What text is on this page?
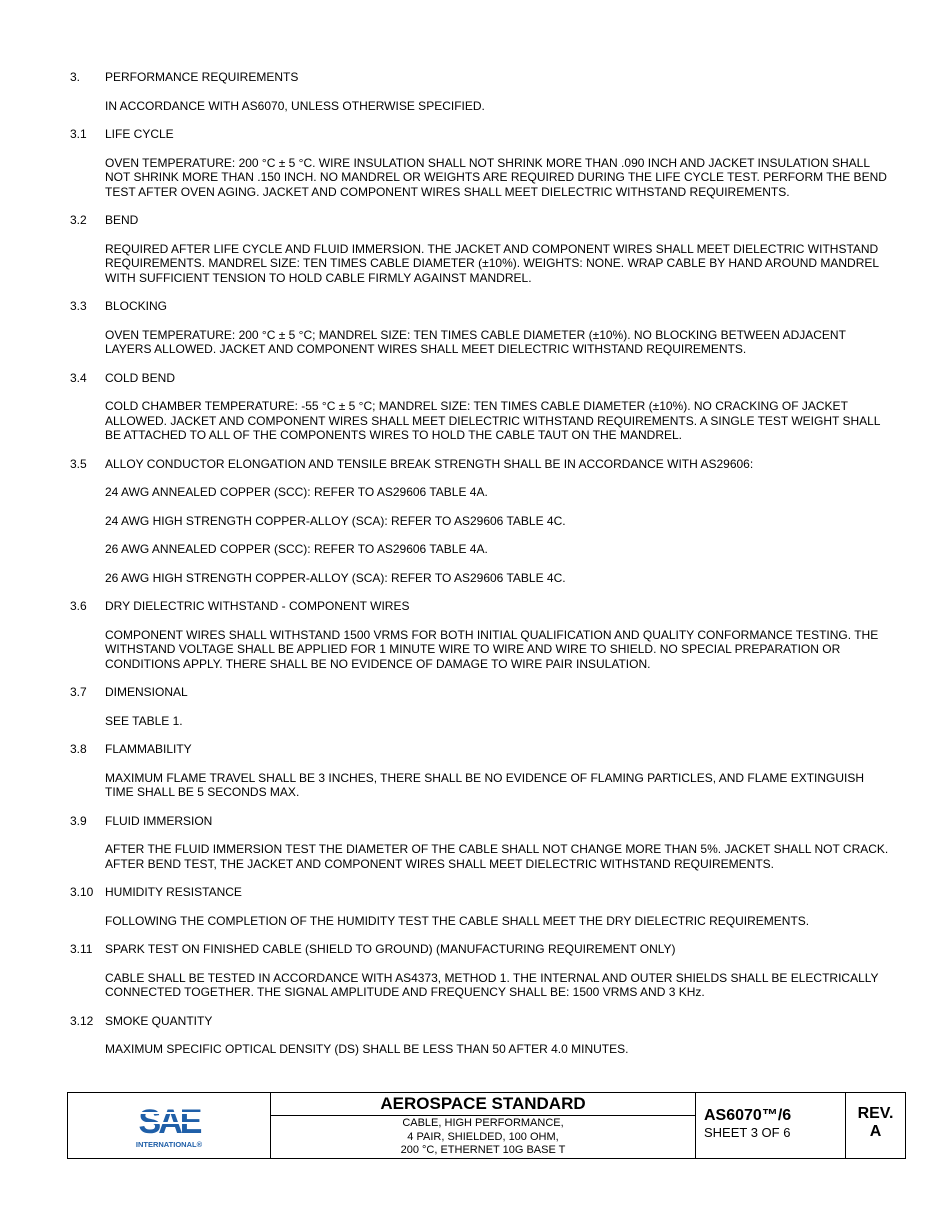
3.	PERFORMANCE REQUIREMENTS
IN ACCORDANCE WITH AS6070, UNLESS OTHERWISE SPECIFIED.
3.1	LIFE CYCLE
OVEN TEMPERATURE: 200 °C ± 5 °C. WIRE INSULATION SHALL NOT SHRINK MORE THAN .090 INCH AND JACKET INSULATION SHALL NOT SHRINK MORE THAN .150 INCH. NO MANDREL OR WEIGHTS ARE REQUIRED DURING THE LIFE CYCLE TEST. PERFORM THE BEND TEST AFTER OVEN AGING. JACKET AND COMPONENT WIRES SHALL MEET DIELECTRIC WITHSTAND REQUIREMENTS.
3.2	BEND
REQUIRED AFTER LIFE CYCLE AND FLUID IMMERSION. THE JACKET AND COMPONENT WIRES SHALL MEET DIELECTRIC WITHSTAND REQUIREMENTS. MANDREL SIZE: TEN TIMES CABLE DIAMETER (±10%). WEIGHTS: NONE. WRAP CABLE BY HAND AROUND MANDREL WITH SUFFICIENT TENSION TO HOLD CABLE FIRMLY AGAINST MANDREL.
3.3	BLOCKING
OVEN TEMPERATURE: 200 °C ± 5 °C; MANDREL SIZE: TEN TIMES CABLE DIAMETER (±10%). NO BLOCKING BETWEEN ADJACENT LAYERS ALLOWED. JACKET AND COMPONENT WIRES SHALL MEET DIELECTRIC WITHSTAND REQUIREMENTS.
3.4	COLD BEND
COLD CHAMBER TEMPERATURE: -55 °C ± 5 °C; MANDREL SIZE: TEN TIMES CABLE DIAMETER (±10%). NO CRACKING OF JACKET ALLOWED. JACKET AND COMPONENT WIRES SHALL MEET DIELECTRIC WITHSTAND REQUIREMENTS. A SINGLE TEST WEIGHT SHALL BE ATTACHED TO ALL OF THE COMPONENTS WIRES TO HOLD THE CABLE TAUT ON THE MANDREL.
3.5	ALLOY CONDUCTOR ELONGATION AND TENSILE BREAK STRENGTH SHALL BE IN ACCORDANCE WITH AS29606:
24 AWG ANNEALED COPPER (SCC): REFER TO AS29606 TABLE 4A.
24 AWG HIGH STRENGTH COPPER-ALLOY (SCA): REFER TO AS29606 TABLE 4C.
26 AWG ANNEALED COPPER (SCC): REFER TO AS29606 TABLE 4A.
26 AWG HIGH STRENGTH COPPER-ALLOY (SCA): REFER TO AS29606 TABLE 4C.
3.6	DRY DIELECTRIC WITHSTAND - COMPONENT WIRES
COMPONENT WIRES SHALL WITHSTAND 1500 VRMS FOR BOTH INITIAL QUALIFICATION AND QUALITY CONFORMANCE TESTING. THE WITHSTAND VOLTAGE SHALL BE APPLIED FOR 1 MINUTE WIRE TO WIRE AND WIRE TO SHIELD. NO SPECIAL PREPARATION OR CONDITIONS APPLY. THERE SHALL BE NO EVIDENCE OF DAMAGE TO WIRE PAIR INSULATION.
3.7	DIMENSIONAL
SEE TABLE 1.
3.8	FLAMMABILITY
MAXIMUM FLAME TRAVEL SHALL BE 3 INCHES, THERE SHALL BE NO EVIDENCE OF FLAMING PARTICLES, AND FLAME EXTINGUISH TIME SHALL BE 5 SECONDS MAX.
3.9	FLUID IMMERSION
AFTER THE FLUID IMMERSION TEST THE DIAMETER OF THE CABLE SHALL NOT CHANGE MORE THAN 5%. JACKET SHALL NOT CRACK. AFTER BEND TEST, THE JACKET AND COMPONENT WIRES SHALL MEET DIELECTRIC WITHSTAND REQUIREMENTS.
3.10 HUMIDITY RESISTANCE
FOLLOWING THE COMPLETION OF THE HUMIDITY TEST THE CABLE SHALL MEET THE DRY DIELECTRIC REQUIREMENTS.
3.11	SPARK TEST ON FINISHED CABLE (SHIELD TO GROUND) (MANUFACTURING REQUIREMENT ONLY)
CABLE SHALL BE TESTED IN ACCORDANCE WITH AS4373, METHOD 1. THE INTERNAL AND OUTER SHIELDS SHALL BE ELECTRICALLY CONNECTED TOGETHER. THE SIGNAL AMPLITUDE AND FREQUENCY SHALL BE: 1500 VRMS AND 3 KHz.
3.12 SMOKE QUANTITY
MAXIMUM SPECIFIC OPTICAL DENSITY (DS) SHALL BE LESS THAN 50 AFTER 4.0 MINUTES.
SAE
INTERNATIONAL®
AEROSPACE STANDARD
CABLE, HIGH PERFORMANCE,
4 PAIR, SHIELDED, 100 OHM,
200 °C, ETHERNET 10G BASE T
AS6070™/6
SHEET 3 OF 6
REV.
A
